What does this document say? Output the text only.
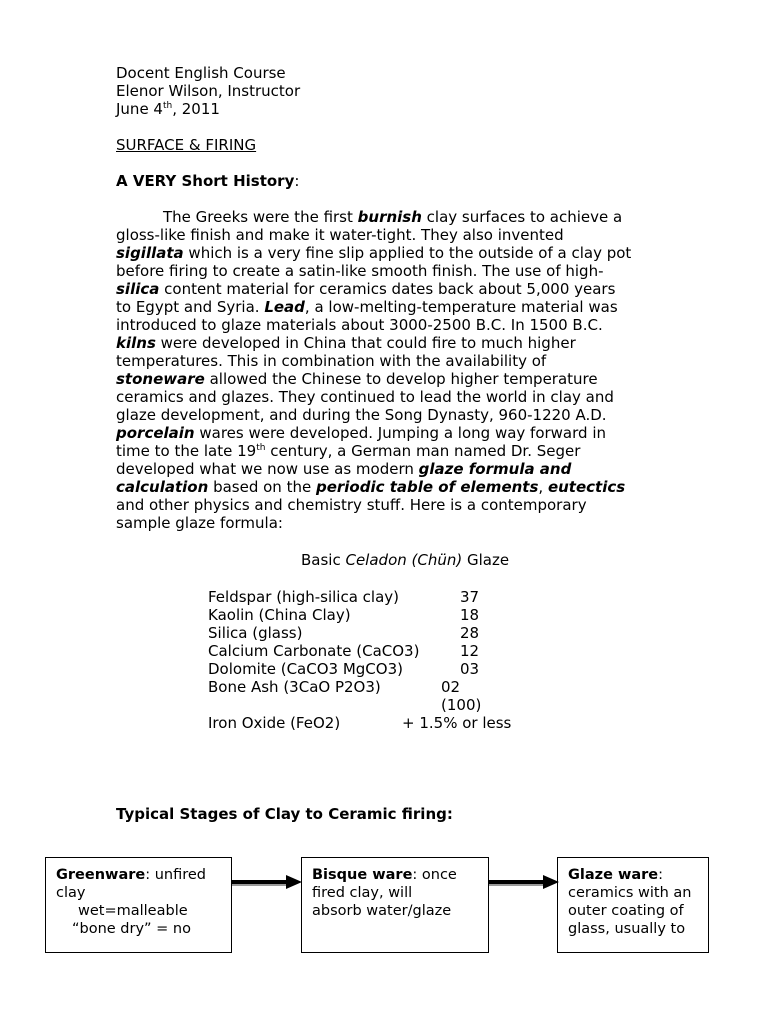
Docent English Course
Elenor Wilson, Instructor
June 4th, 2011
SURFACE & FIRING
A VERY Short History:
The Greeks were the first burnish clay surfaces to achieve a
gloss-like finish and make it water-tight. They also invented
sigillata which is a very fine slip applied to the outside of a clay pot
before firing to create a satin-like smooth finish. The use of high-
silica content material for ceramics dates back about 5,000 years
to Egypt and Syria. Lead, a low-melting-temperature material was
introduced to glaze materials about 3000-2500 B.C. In 1500 B.C.
kilns were developed in China that could fire to much higher
temperatures. This in combination with the availability of
stoneware allowed the Chinese to develop higher temperature
ceramics and glazes. They continued to lead the world in clay and
glaze development, and during the Song Dynasty, 960-1220 A.D.
porcelain wares were developed. Jumping a long way forward in
time to the late 19th century, a German man named Dr. Seger
developed what we now use as modern glaze formula and
calculation based on the periodic table of elements, eutectics
and other physics and chemistry stuff. Here is a contemporary
sample glaze formula:
Basic Celadon (Chün) Glaze
Feldspar (high-silica clay)	37
Kaolin (China Clay)	18
Silica (glass)	28
Calcium Carbonate (CaCO3)	12
Dolomite (CaCO3 MgCO3)	03
Bone Ash (3CaO P2O3)	02
(100)
Iron Oxide (FeO2)	+ 1.5% or less
Typical Stages of Clay to Ceramic firing:
Greenware: unfired
clay
wet=malleable
“bone dry” = no
Bisque ware: once
fired clay, will
absorb water/glaze
Glaze ware:
ceramics with an
outer coating of
glass, usually to
